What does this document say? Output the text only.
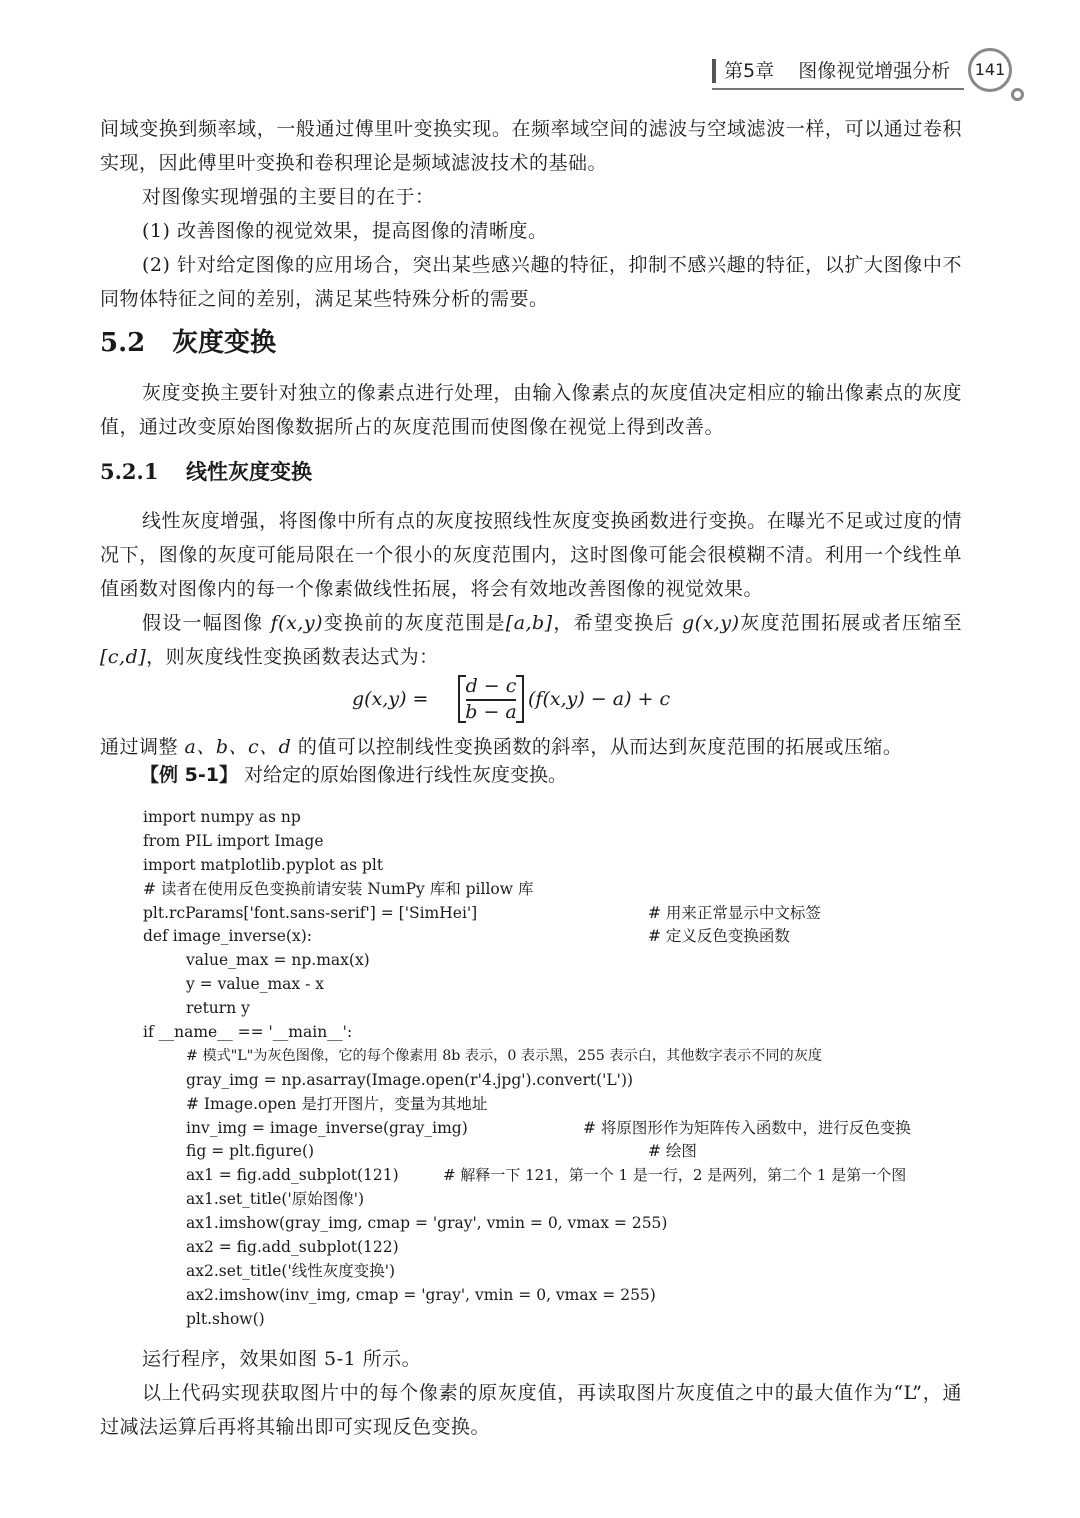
第5章 图像视觉增强分析	141

间域变换到频率域，一般通过傅里叶变换实现。在频率域空间的滤波与空域滤波一样，可以通过卷积实现，因此傅里叶变换和卷积理论是频域滤波技术的基础。

对图像实现增强的主要目的在于：

(1) 改善图像的视觉效果，提高图像的清晰度。

(2) 针对给定图像的应用场合，突出某些感兴趣的特征，抑制不感兴趣的特征，以扩大图像中不同物体特征之间的差别，满足某些特殊分析的需要。

5.2 灰度变换

灰度变换主要针对独立的像素点进行处理，由输入像素点的灰度值决定相应的输出像素点的灰度值，通过改变原始图像数据所占的灰度范围而使图像在视觉上得到改善。

5.2.1 线性灰度变换

线性灰度增强，将图像中所有点的灰度按照线性灰度变换函数进行变换。在曝光不足或过度的情况下，图像的灰度可能局限在一个很小的灰度范围内，这时图像可能会很模糊不清。利用一个线性单值函数对图像内的每一个像素做线性拓展，将会有效地改善图像的视觉效果。

假设一幅图像 f(x,y)变换前的灰度范围是[a,b]，希望变换后 g(x,y)灰度范围拓展或者压缩至[c,d]，则灰度线性变换函数表达式为：

g(x,y) =
d − c
b − a
(f(x,y) − a) + c

通过调整 a、b、c、d 的值可以控制线性变换函数的斜率，从而达到灰度范围的拓展或压缩。

【例 5-1】 对给定的原始图像进行线性灰度变换。
import numpy as np
from PIL import Image
import matplotlib.pyplot as plt
# 读者在使用反色变换前请安装 NumPy 库和 pillow 库
plt.rcParams['font.sans-serif'] = ['SimHei']	# 用来正常显示中文标签
def image_inverse(x):	# 定义反色变换函数
value_max = np.max(x)
y = value_max - x
return y
if __name__ == '__main__':
# 模式"L"为灰色图像，它的每个像素用 8b 表示，0 表示黑，255 表示白，其他数字表示不同的灰度
gray_img = np.asarray(Image.open(r'4.jpg').convert('L'))
# Image.open 是打开图片，变量为其地址
inv_img = image_inverse(gray_img)	# 将原图形作为矩阵传入函数中，进行反色变换
fig = plt.figure()	# 绘图
ax1 = fig.add_subplot(121)	# 解释一下 121，第一个 1 是一行，2 是两列，第二个 1 是第一个图
ax1.set_title('原始图像')
ax1.imshow(gray_img, cmap = 'gray', vmin = 0, vmax = 255)
ax2 = fig.add_subplot(122)
ax2.set_title('线性灰度变换')
ax2.imshow(inv_img, cmap = 'gray', vmin = 0, vmax = 255)
plt.show()

运行程序，效果如图 5-1 所示。

以上代码实现获取图片中的每个像素的原灰度值，再读取图片灰度值之中的最大值作为“L”，通过减法运算后再将其输出即可实现反色变换。
